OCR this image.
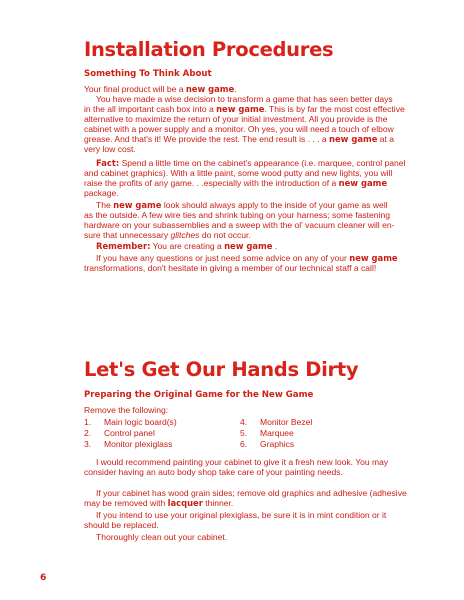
Installation Procedures
Something To Think About
Your final product will be a new game.
You have made a wise decision to transform a game that has seen better days
in the all important cash box into a new game. This is by far the most cost effective
alternative to maximize the return of your initial investment. All you provide is the
cabinet with a power supply and a monitor. Oh yes, you will need a touch of elbow
grease. And that's it! We provide the rest. The end result is . . . a new game at a
very low cost.
Fact: Spend a little time on the cabinet's appearance (i.e. marquee, control panel
and cabinet graphics). With a little paint, some wood putty and new lights, you will
raise the profits of any game. . .especially with the introduction of a new game
package.
The new game look should always apply to the inside of your game as well
as the outside. A few wire ties and shrink tubing on your harness; some fastening
hardware on your subassemblies and a sweep with the ol' vacuum cleaner will en-
sure that unnecessary glitches do not occur.
Remember: You are creating a new game .
If you have any questions or just need some advice on any of your new game
transformations, don't hesitate in giving a member of our technical staff a call!
Let's Get Our Hands Dirty
Preparing the Original Game for the New Game
Remove the following:
1. Main logic board(s)
2. Control panel
3. Monitor plexiglass
4. Monitor Bezel
5. Marquee
6. Graphics
I would recommend painting your cabinet to give it a fresh new look. You may
consider having an auto body shop take care of your painting needs.
If your cabinet has wood grain sides; remove old graphics and adhesive (adhesive
may be removed with lacquer thinner.
If you intend to use your original plexiglass, be sure it is in mint condition or it
should be replaced.
Thoroughly clean out your cabinet.
6
